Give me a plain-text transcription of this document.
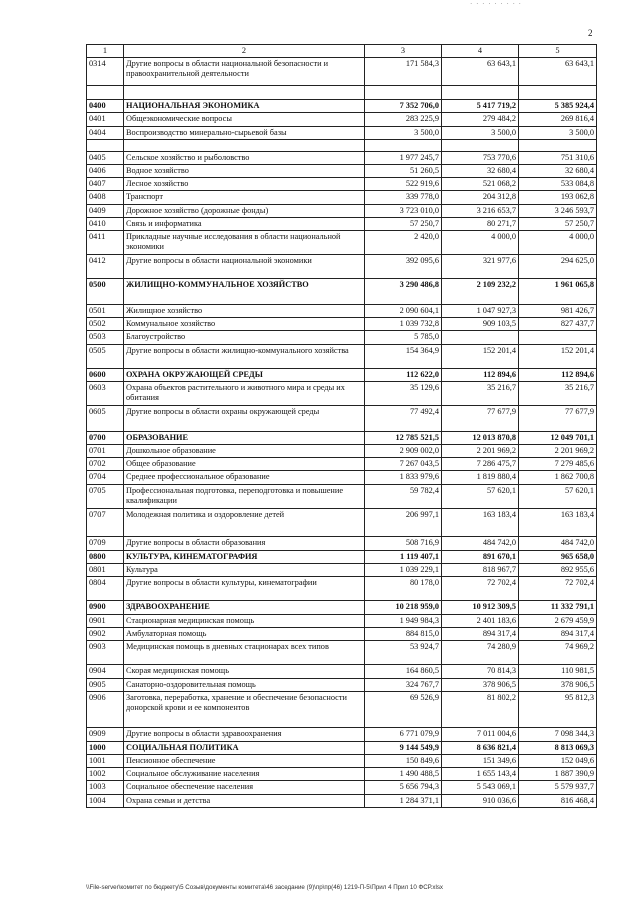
· · · · · · · · ·
2
1	2	3	4	5
0314	Другие вопросы в области национальной безопасности и правоохранительной деятельности	171 584,3	63 643,1	63 643,1

0400	НАЦИОНАЛЬНАЯ ЭКОНОМИКА	7 352 706,0	5 417 719,2	5 385 924,4
0401	Общеэкономические вопросы	283 225,9	279 484,2	269 816,4
0404	Воспроизводство минерально-сырьевой базы	3 500,0	3 500,0	3 500,0

0405	Сельское хозяйство и рыболовство	1 977 245,7	753 770,6	751 310,6
0406	Водное хозяйство	51 260,5	32 680,4	32 680,4
0407	Лесное хозяйство	522 919,6	521 068,2	533 084,8
0408	Транспорт	339 778,0	204 312,8	193 062,8
0409	Дорожное хозяйство (дорожные фонды)	3 723 010,0	3 216 653,7	3 246 593,7
0410	Связь и информатика	57 250,7	80 271,7	57 250,7
0411	Прикладные научные исследования в области национальной экономики	2 420,0	4 000,0	4 000,0
0412	Другие вопросы в области национальной экономики	392 095,6	321 977,6	294 625,0
0500	ЖИЛИЩНО-КОММУНАЛЬНОЕ ХОЗЯЙСТВО	3 290 486,8	2 109 232,2	1 961 065,8
0501	Жилищное хозяйство	2 090 604,1	1 047 927,3	981 426,7
0502	Коммунальное хозяйство	1 039 732,8	909 103,5	827 437,7
0503	Благоустройство	5 785,0		
0505	Другие вопросы в области жилищно-коммунального хозяйства	154 364,9	152 201,4	152 201,4
0600	ОХРАНА ОКРУЖАЮЩЕЙ СРЕДЫ	112 622,0	112 894,6	112 894,6
0603	Охрана объектов растительного и животного мира и среды их обитания	35 129,6	35 216,7	35 216,7
0605	Другие вопросы в области охраны окружающей среды	77 492,4	77 677,9	77 677,9
0700	ОБРАЗОВАНИЕ	12 785 521,5	12 013 870,8	12 049 701,1
0701	Дошкольное образование	2 909 002,0	2 201 969,2	2 201 969,2
0702	Общее образование	7 267 043,5	7 286 475,7	7 279 485,6
0704	Среднее профессиональное образование	1 833 979,6	1 819 880,4	1 862 700,8
0705	Профессиональная подготовка, переподготовка и повышение квалификации	59 782,4	57 620,1	57 620,1
0707	Молодежная политика и оздоровление детей	206 997,1	163 183,4	163 183,4
0709	Другие вопросы в области образования	508 716,9	484 742,0	484 742,0
0800	КУЛЬТУРА, КИНЕМАТОГРАФИЯ	1 119 407,1	891 670,1	965 658,0
0801	Культура	1 039 229,1	818 967,7	892 955,6
0804	Другие вопросы в области культуры, кинематографии	80 178,0	72 702,4	72 702,4
0900	ЗДРАВООХРАНЕНИЕ	10 218 959,0	10 912 309,5	11 332 791,1
0901	Стационарная медицинская помощь	1 949 984,3	2 401 183,6	2 679 459,9
0902	Амбулаторная помощь	884 815,0	894 317,4	894 317,4
0903	Медицинская помощь в дневных стационарах всех типов	53 924,7	74 280,9	74 969,2
0904	Скорая медицинская помощь	164 860,5	70 814,3	110 981,5
0905	Санаторно-оздоровительная помощь	324 767,7	378 906,5	378 906,5
0906	Заготовка, переработка, хранение и обеспечение безопасности донорской крови и ее компонентов	69 526,9	81 802,2	95 812,3
0909	Другие вопросы в области здравоохранения	6 771 079,9	7 011 004,6	7 098 344,3
1000	СОЦИАЛЬНАЯ ПОЛИТИКА	9 144 549,9	8 636 821,4	8 813 069,3
1001	Пенсионное обеспечение	150 849,6	151 349,6	152 049,6
1002	Социальное обслуживание населения	1 490 488,5	1 655 143,4	1 887 390,9
1003	Социальное обеспечение населения	5 656 794,3	5 543 069,1	5 579 937,7
1004	Охрана семьи и детства	1 284 371,1	910 036,6	816 468,4
\\File-server\комитет по бюджету\5 Созыв\документы комитета\46 заседание (9)\пр\пр(46) 1219-П-5\Прил 4 Прил 10 ФСР.xlsx
